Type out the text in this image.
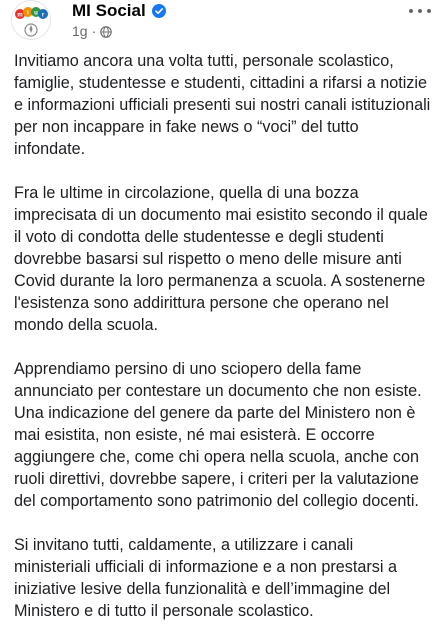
m i u r MI Social
1g ·

Invitiamo ancora una volta tutti, personale scolastico, famiglie, studentesse e studenti, cittadini a rifarsi a notizie e informazioni ufficiali presenti sui nostri canali istituzionali per non incappare in fake news o “voci” del tutto infondate.

Fra le ultime in circolazione, quella di una bozza imprecisata di un documento mai esistito secondo il quale il voto di condotta delle studentesse e degli studenti dovrebbe basarsi sul rispetto o meno delle misure anti Covid durante la loro permanenza a scuola. A sostenerne l'esistenza sono addirittura persone che operano nel mondo della scuola.

Apprendiamo persino di uno sciopero della fame annunciato per contestare un documento che non esiste.

Una indicazione del genere da parte del Ministero non è mai esistita, non esiste, né mai esisterà. E occorre aggiungere che, come chi opera nella scuola, anche con ruoli direttivi, dovrebbe sapere, i criteri per la valutazione del comportamento sono patrimonio del collegio docenti.

Si invitano tutti, caldamente, a utilizzare i canali ministeriali ufficiali di informazione e a non prestarsi a iniziative lesive della funzionalità e dell’immagine del Ministero e di tutto il personale scolastico.
